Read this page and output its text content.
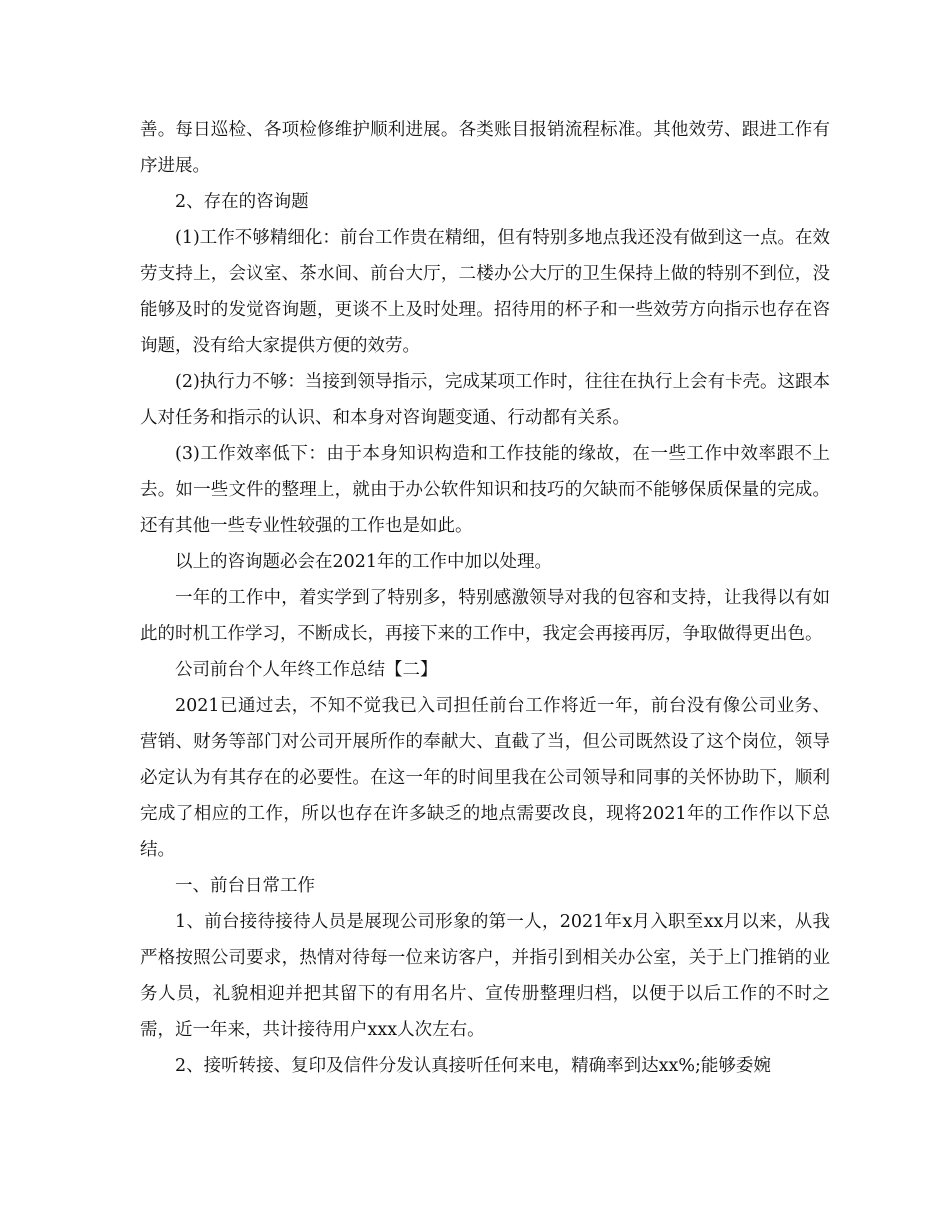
善。每日巡检、各项检修维护顺利进展。各类账目报销流程标准。其他效劳、跟进工作有序进展。

2、存在的咨询题

(1)工作不够精细化：前台工作贵在精细，但有特别多地点我还没有做到这一点。在效劳支持上，会议室、茶水间、前台大厅，二楼办公大厅的卫生保持上做的特别不到位，没能够及时的发觉咨询题，更谈不上及时处理。招待用的杯子和一些效劳方向指示也存在咨询题，没有给大家提供方便的效劳。

(2)执行力不够：当接到领导指示，完成某项工作时，往往在执行上会有卡壳。这跟本人对任务和指示的认识、和本身对咨询题变通、行动都有关系。

(3)工作效率低下：由于本身知识构造和工作技能的缘故，在一些工作中效率跟不上去。如一些文件的整理上，就由于办公软件知识和技巧的欠缺而不能够保质保量的完成。还有其他一些专业性较强的工作也是如此。

以上的咨询题必会在2021年的工作中加以处理。

一年的工作中，着实学到了特别多，特别感激领导对我的包容和支持，让我得以有如此的时机工作学习，不断成长，再接下来的工作中，我定会再接再厉，争取做得更出色。

公司前台个人年终工作总结【二】

2021已通过去，不知不觉我已入司担任前台工作将近一年，前台没有像公司业务、营销、财务等部门对公司开展所作的奉献大、直截了当，但公司既然设了这个岗位，领导必定认为有其存在的必要性。在这一年的时间里我在公司领导和同事的关怀协助下，顺利完成了相应的工作，所以也存在许多缺乏的地点需要改良，现将2021年的工作作以下总结。

一、前台日常工作

1、前台接待接待人员是展现公司形象的第一人，2021年x月入职至xx月以来，从我严格按照公司要求，热情对待每一位来访客户，并指引到相关办公室，关于上门推销的业务人员，礼貌相迎并把其留下的有用名片、宣传册整理归档，以便于以后工作的不时之需，近一年来，共计接待用户xxx人次左右。

2、接听转接、复印及信件分发认真接听任何来电，精确率到达xx%;能够委婉
